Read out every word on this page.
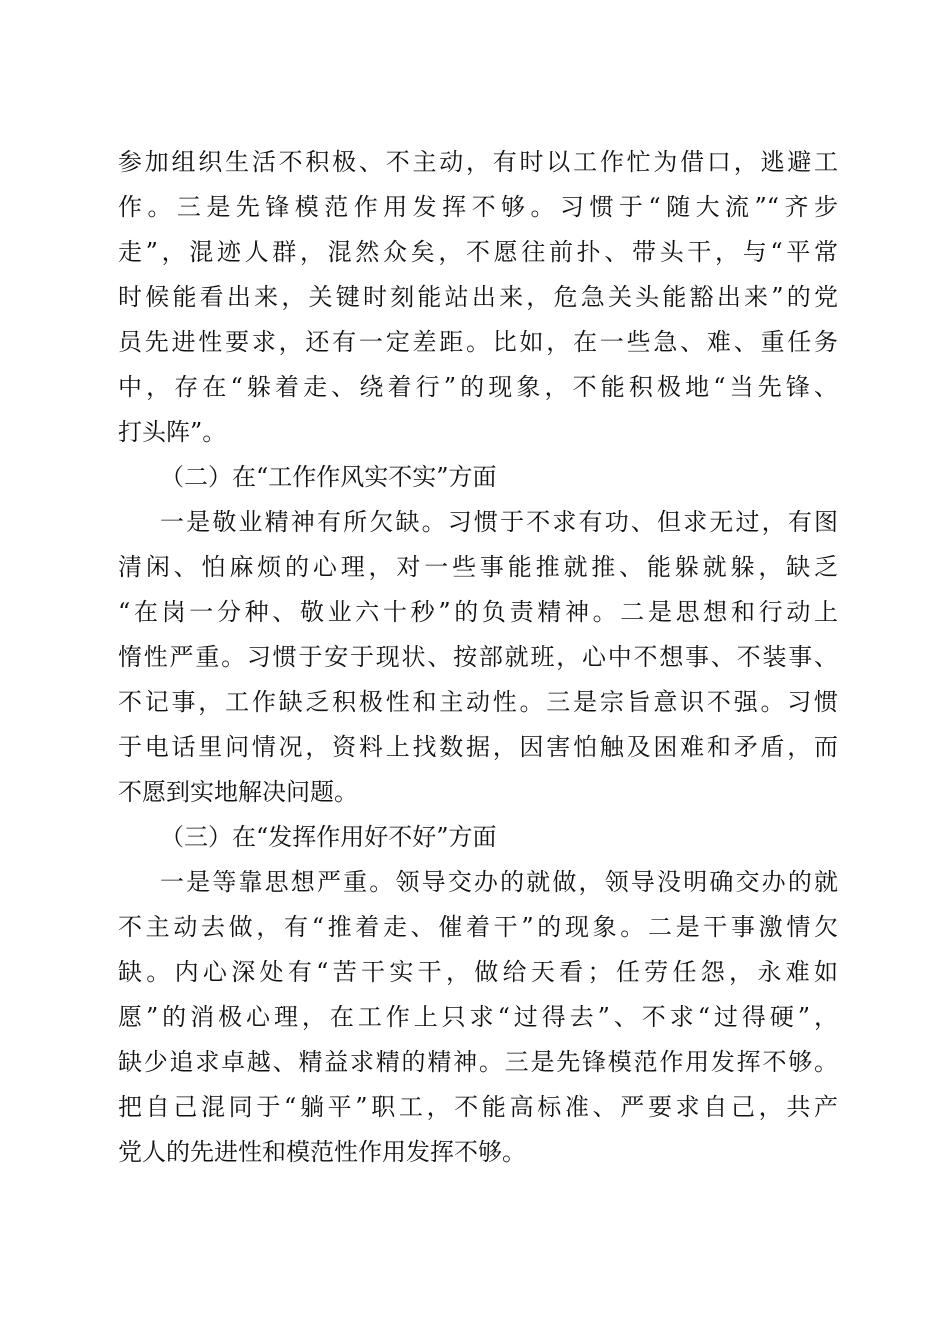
参加组织生活不积极、不主动，有时以工作忙为借口，逃避工
作。三是先锋模范作用发挥不够。习惯于“随大流”“齐步
走”，混迹人群，混然众矣，不愿往前扑、带头干，与“平常
时候能看出来，关键时刻能站出来，危急关头能豁出来”的党
员先进性要求，还有一定差距。比如，在一些急、难、重任务
中，存在“躲着走、绕着行”的现象，不能积极地“当先锋、
打头阵”。
（二）在“工作作风实不实”方面
一是敬业精神有所欠缺。习惯于不求有功、但求无过，有图
清闲、怕麻烦的心理，对一些事能推就推、能躲就躲，缺乏
“在岗一分种、敬业六十秒”的负责精神。二是思想和行动上
惰性严重。习惯于安于现状、按部就班，心中不想事、不装事、
不记事，工作缺乏积极性和主动性。三是宗旨意识不强。习惯
于电话里问情况，资料上找数据，因害怕触及困难和矛盾，而
不愿到实地解决问题。
（三）在“发挥作用好不好”方面
一是等靠思想严重。领导交办的就做，领导没明确交办的就
不主动去做，有“推着走、催着干”的现象。二是干事激情欠
缺。内心深处有“苦干实干，做给天看；任劳任怨，永难如
愿”的消极心理，在工作上只求“过得去”、不求“过得硬”，
缺少追求卓越、精益求精的精神。三是先锋模范作用发挥不够。
把自己混同于“躺平”职工，不能高标准、严要求自己，共产
党人的先进性和模范性作用发挥不够。
